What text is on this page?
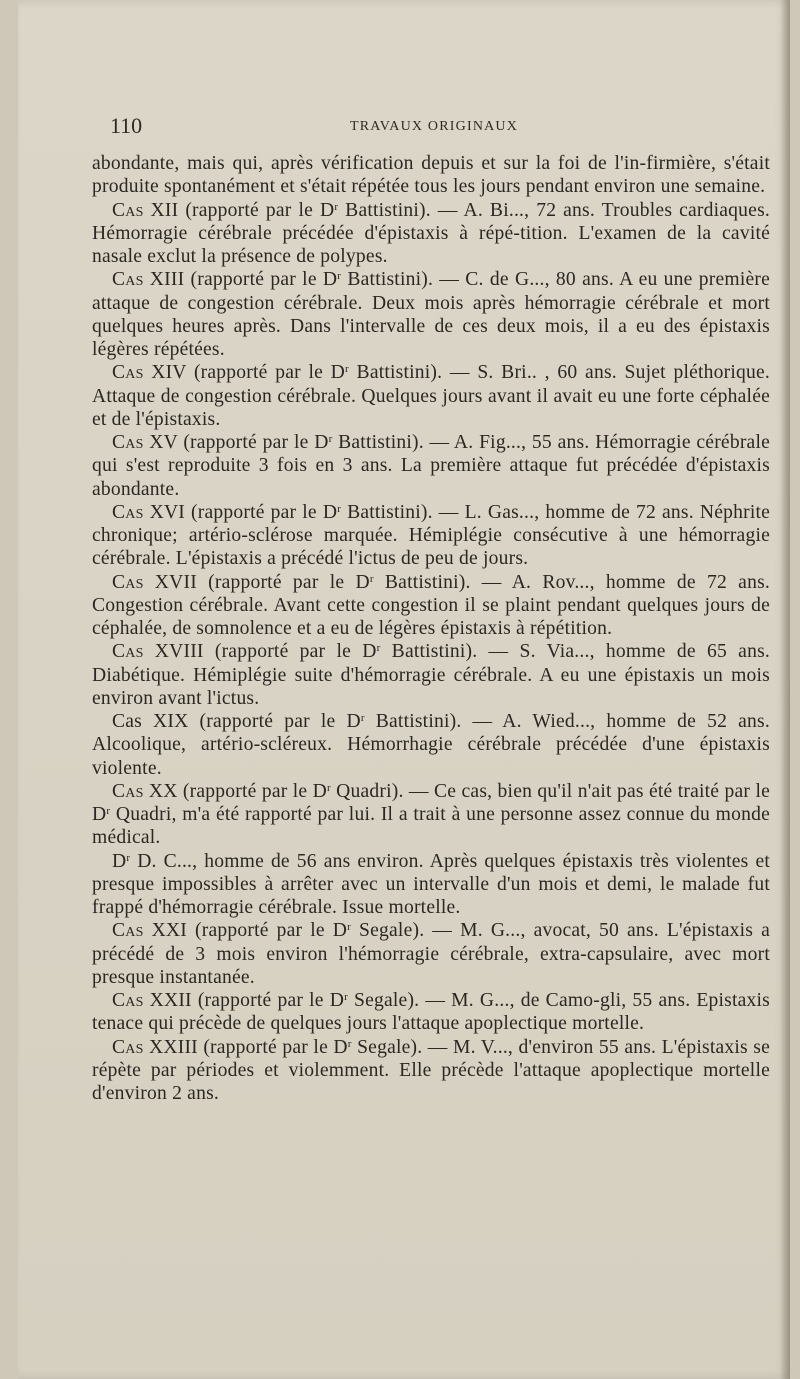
110	TRAVAUX ORIGINAUX

abondante, mais qui, après vérification depuis et sur la foi de l'in-firmière, s'était produite spontanément et s'était répétée tous les jours pendant environ une semaine.

Cas XII (rapporté par le $D^r$ Battistini). — A. Bi..., 72 ans. Troubles cardiaques. Hémorragie cérébrale précédée d'épistaxis à répé-tition. L'examen de la cavité nasale exclut la présence de polypes.

Cas XIII (rapporté par le $D^r$ Battistini). — C. de G..., 80 ans. A eu une première attaque de congestion cérébrale. Deux mois après hémorragie cérébrale et mort quelques heures après. Dans l'intervalle de ces deux mois, il a eu des épistaxis légères répétées.

Cas XIV (rapporté par le $D^r$ Battistini). — S. Bri.. , 60 ans. Sujet pléthorique. Attaque de congestion cérébrale. Quelques jours avant il avait eu une forte céphalée et de l'épistaxis.

Cas XV (rapporté par le $D^r$ Battistini). — A. Fig..., 55 ans. Hémorragie cérébrale qui s'est reproduite 3 fois en 3 ans. La première attaque fut précédée d'épistaxis abondante.

Cas XVI (rapporté par le $D^r$ Battistini). — L. Gas..., homme de 72 ans. Néphrite chronique; artério-sclérose marquée. Hémiplégie consécutive à une hémorragie cérébrale. L'épistaxis a précédé l'ictus de peu de jours.

Cas XVII (rapporté par le $D^r$ Battistini). — A. Rov..., homme de 72 ans. Congestion cérébrale. Avant cette congestion il se plaint pendant quelques jours de céphalée, de somnolence et a eu de légères épistaxis à répétition.

Cas XVIII (rapporté par le $D^r$ Battistini). — S. Via..., homme de 65 ans. Diabétique. Hémiplégie suite d'hémorragie cérébrale. A eu une épistaxis un mois environ avant l'ictus.

Cas XIX (rapporté par le $D^r$ Battistini). — A. Wied..., homme de 52 ans. Alcoolique, artério-scléreux. Hémorrhagie cérébrale précédée d'une épistaxis violente.

Cas XX (rapporté par le $D^r$ Quadri). — Ce cas, bien qu'il n'ait pas été traité par le $D^r$ Quadri, m'a été rapporté par lui. Il a trait à une personne assez connue du monde médical.

$D^r$ D. C..., homme de 56 ans environ. Après quelques épistaxis très violentes et presque impossibles à arrêter avec un intervalle d'un mois et demi, le malade fut frappé d'hémorragie cérébrale. Issue mortelle.

Cas XXI (rapporté par le $D^r$ Segale). — M. G..., avocat, 50 ans. L'épistaxis a précédé de 3 mois environ l'hémorragie cérébrale, extra-capsulaire, avec mort presque instantanée.

Cas XXII (rapporté par le $D^r$ Segale). — M. G..., de Camo-gli, 55 ans. Epistaxis tenace qui précède de quelques jours l'attaque apoplectique mortelle.

Cas XXIII (rapporté par le $D^r$ Segale). — M. V..., d'environ 55 ans. L'épistaxis se répète par périodes et violemment. Elle précède l'attaque apoplectique mortelle d'environ 2 ans.
